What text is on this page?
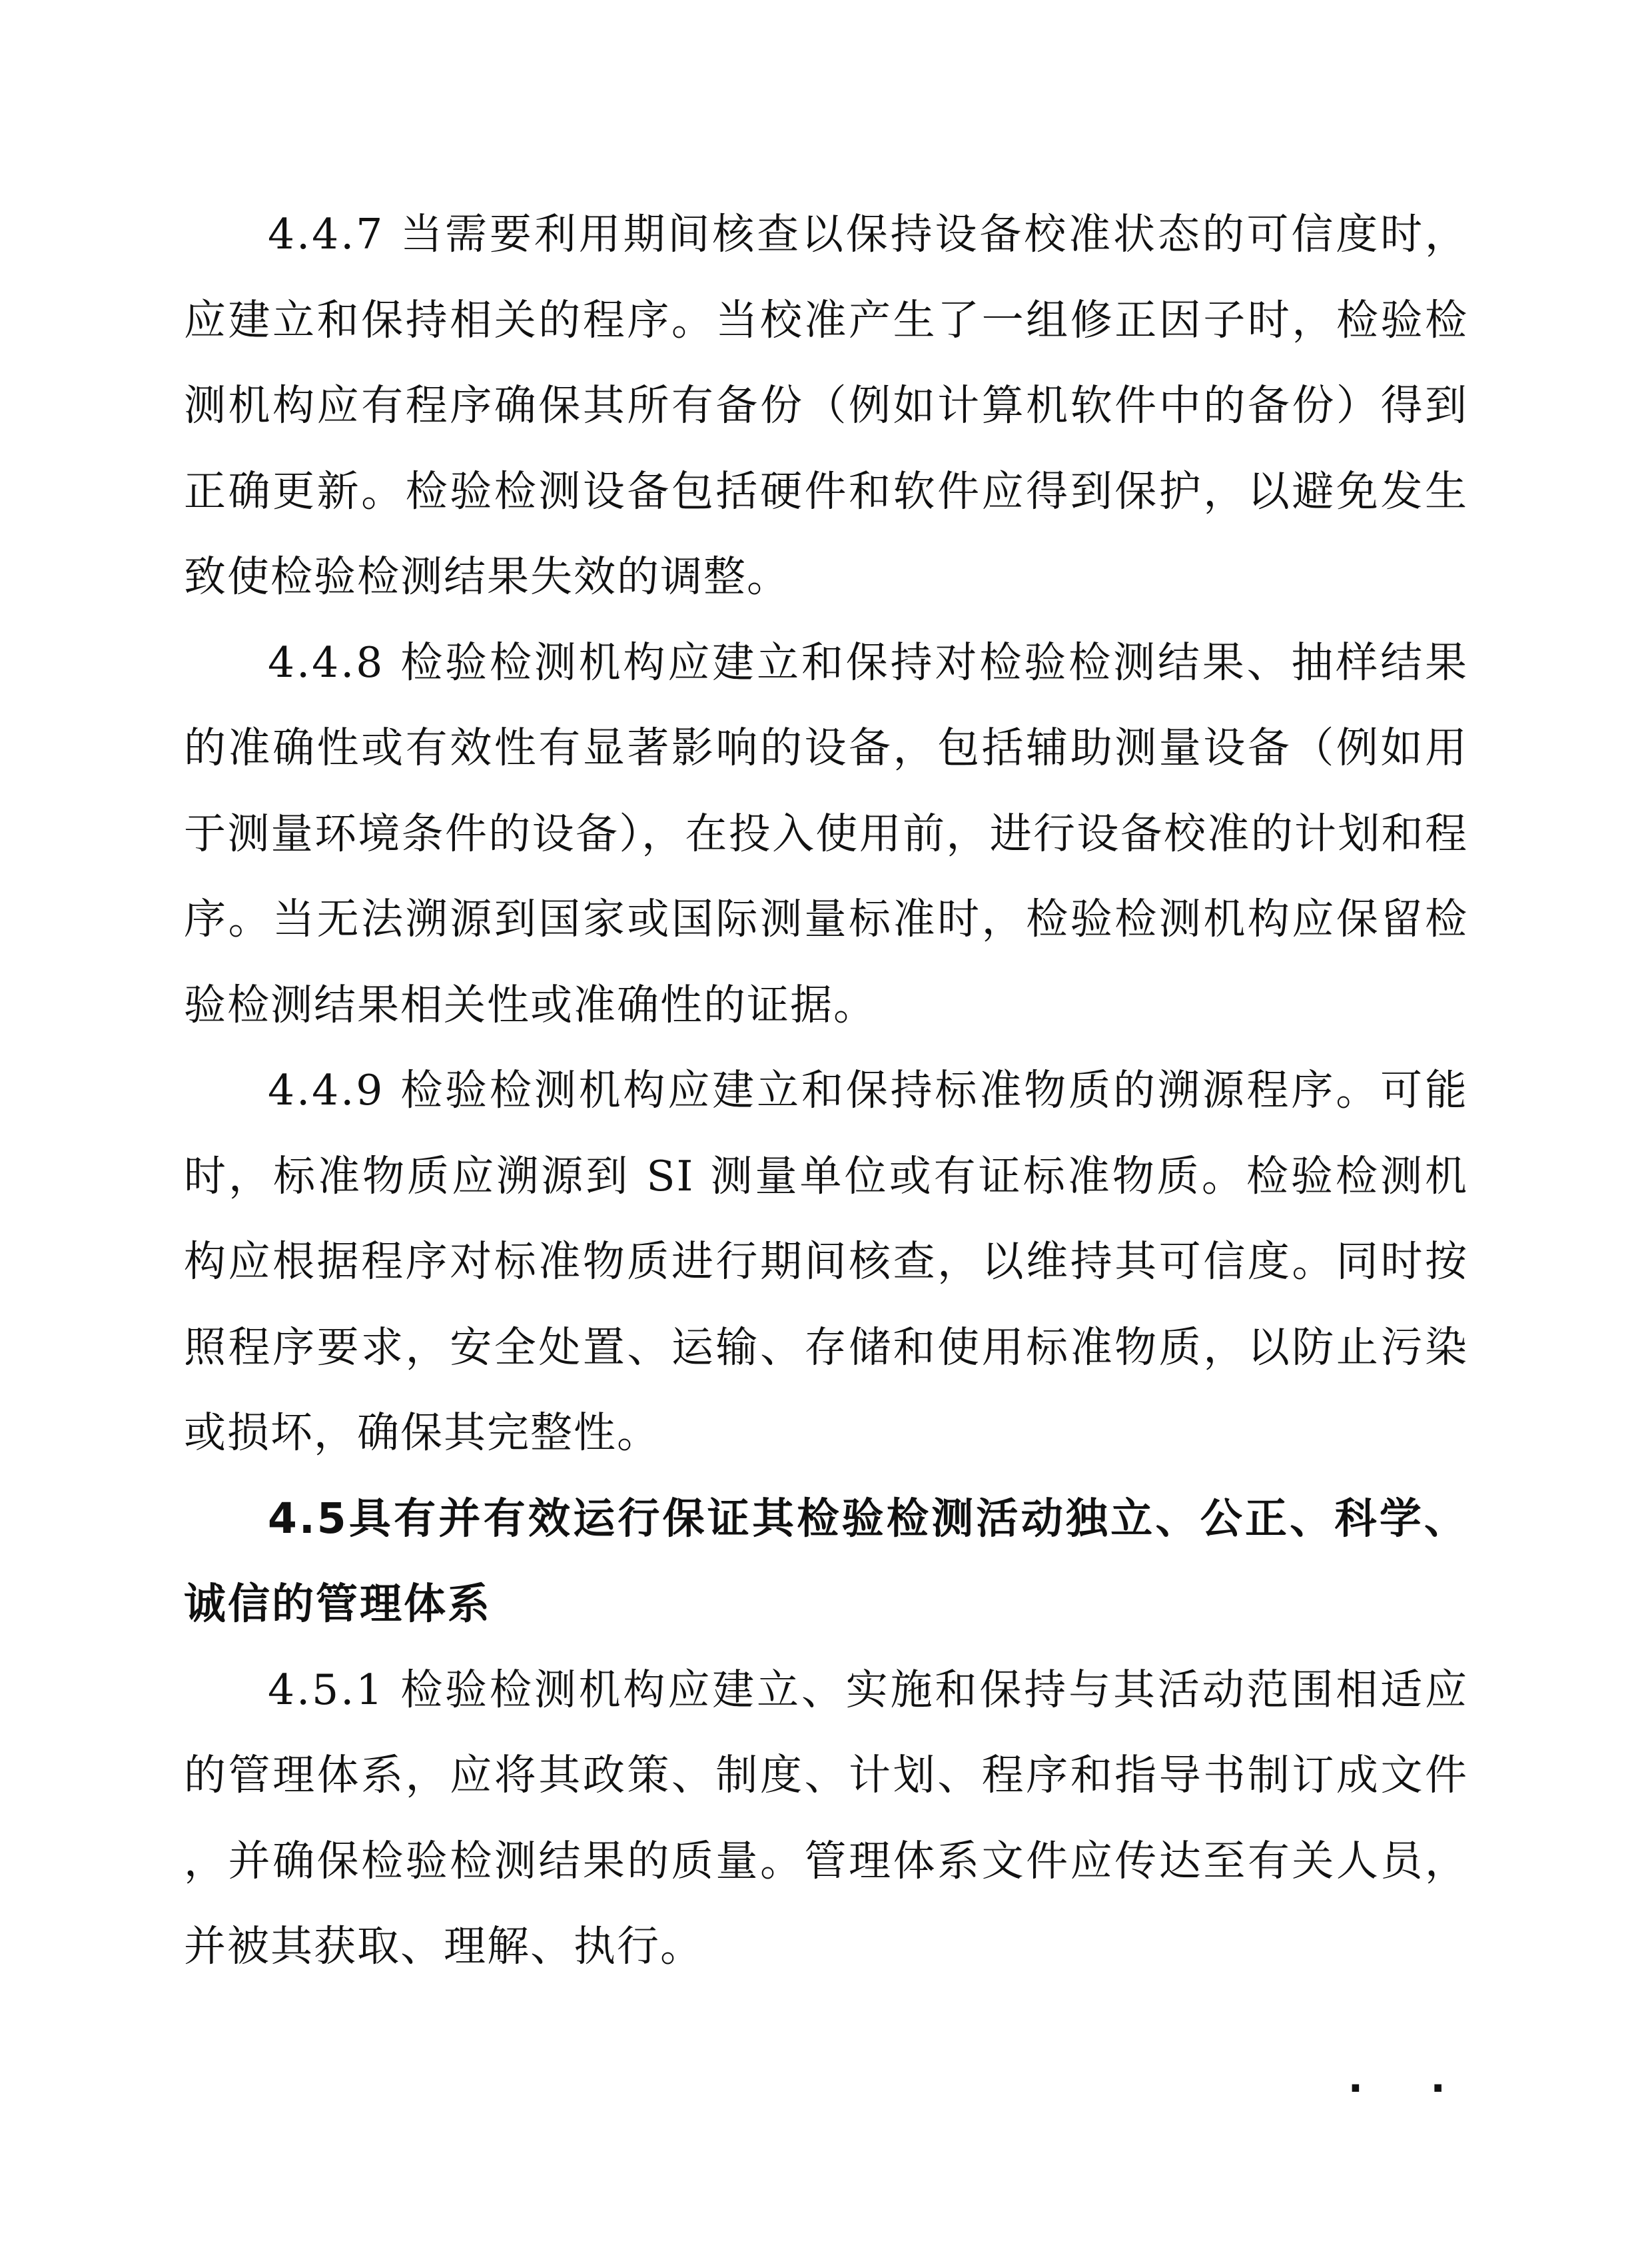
4.4.7 当需要利用期间核查以保持设备校准状态的可信度时，应建立和保持相关的程序。当校准产生了一组修正因子时，检验检测机构应有程序确保其所有备份（例如计算机软件中的备份）得到正确更新。检验检测设备包括硬件和软件应得到保护，以避免发生致使检验检测结果失效的调整。

4.4.8 检验检测机构应建立和保持对检验检测结果、抽样结果的准确性或有效性有显著影响的设备，包括辅助测量设备（例如用于测量环境条件的设备），在投入使用前，进行设备校准的计划和程序。当无法溯源到国家或国际测量标准时，检验检测机构应保留检验检测结果相关性或准确性的证据。

4.4.9 检验检测机构应建立和保持标准物质的溯源程序。可能时，标准物质应溯源到 SI 测量单位或有证标准物质。检验检测机构应根据程序对标准物质进行期间核查，以维持其可信度。同时按照程序要求，安全处置、运输、存储和使用标准物质，以防止污染或损坏，确保其完整性。

4.5具有并有效运行保证其检验检测活动独立、公正、科学、诚信的管理体系

4.5.1 检验检测机构应建立、实施和保持与其活动范围相适应的管理体系，应将其政策、制度、计划、程序和指导书制订成文件，并确保检验检测结果的质量。管理体系文件应传达至有关人员，并被其获取、理解、执行。

· ·
